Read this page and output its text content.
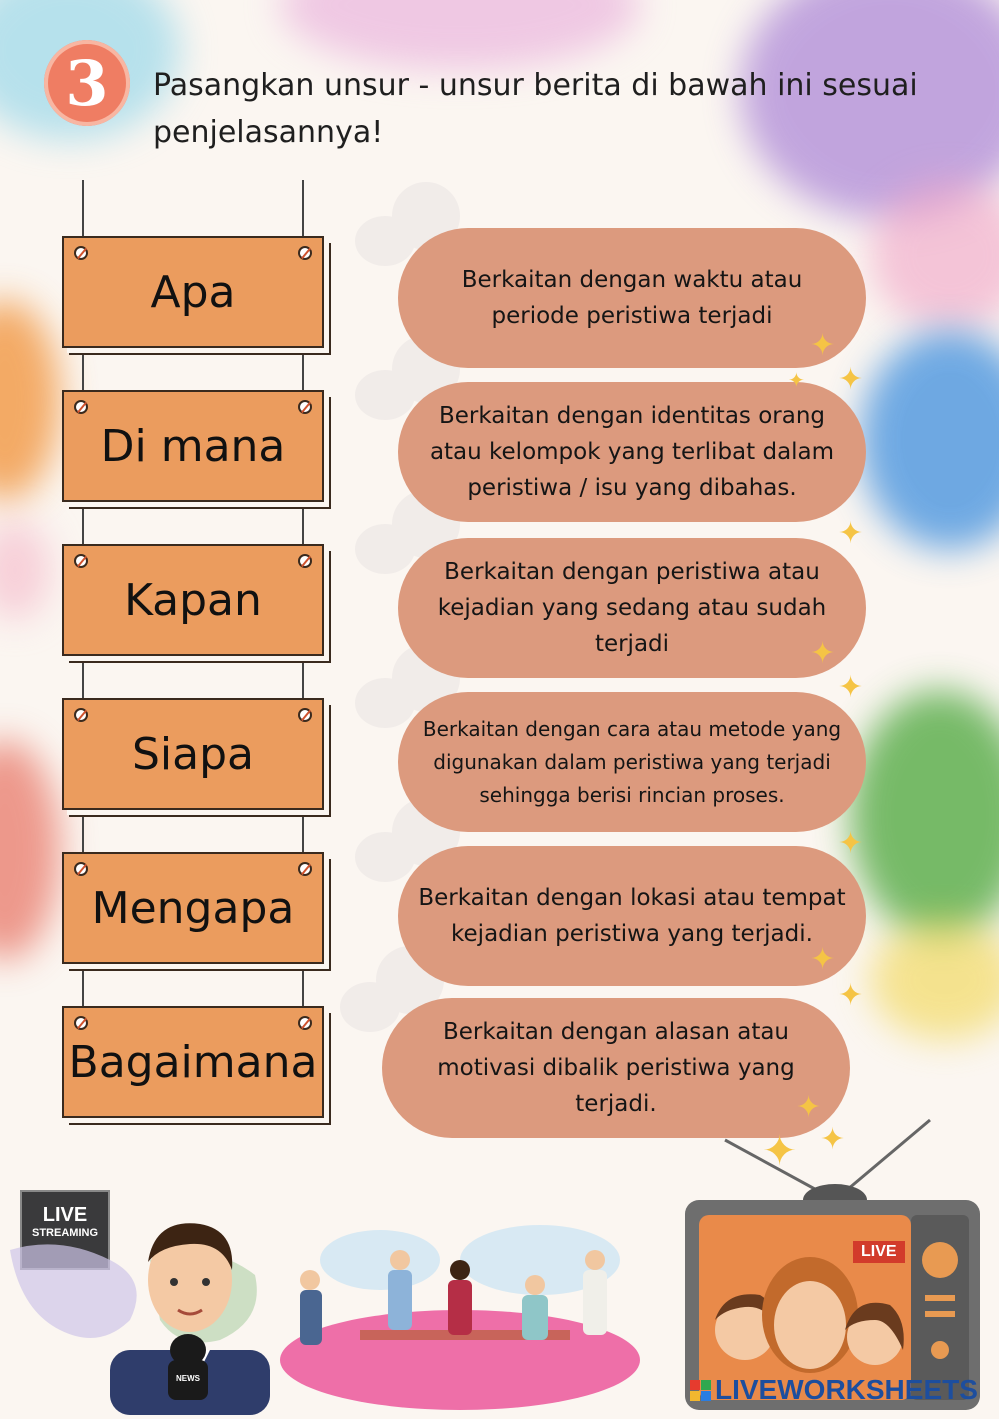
3 Pasangkan unsur - unsur berita di bawah ini sesuai penjelasannya!
Apa
Di mana
Kapan
Siapa
Mengapa
Bagaimana
Berkaitan dengan waktu atau periode peristiwa terjadi
Berkaitan dengan identitas orang atau kelompok yang terlibat dalam peristiwa / isu yang dibahas.
Berkaitan dengan peristiwa atau kejadian yang sedang atau sudah terjadi
Berkaitan dengan cara atau metode yang digunakan dalam peristiwa yang terjadi sehingga berisi rincian proses.
Berkaitan dengan lokasi atau tempat kejadian peristiwa yang terjadi.
Berkaitan dengan alasan atau motivasi dibalik peristiwa yang terjadi.
✦
✦
✦
✦
✦
✦
✦
✦
✦
✦
✦ ✦
LIVE
STREAMING
NEWS
LIVE
LIVEWORKSHEETS
